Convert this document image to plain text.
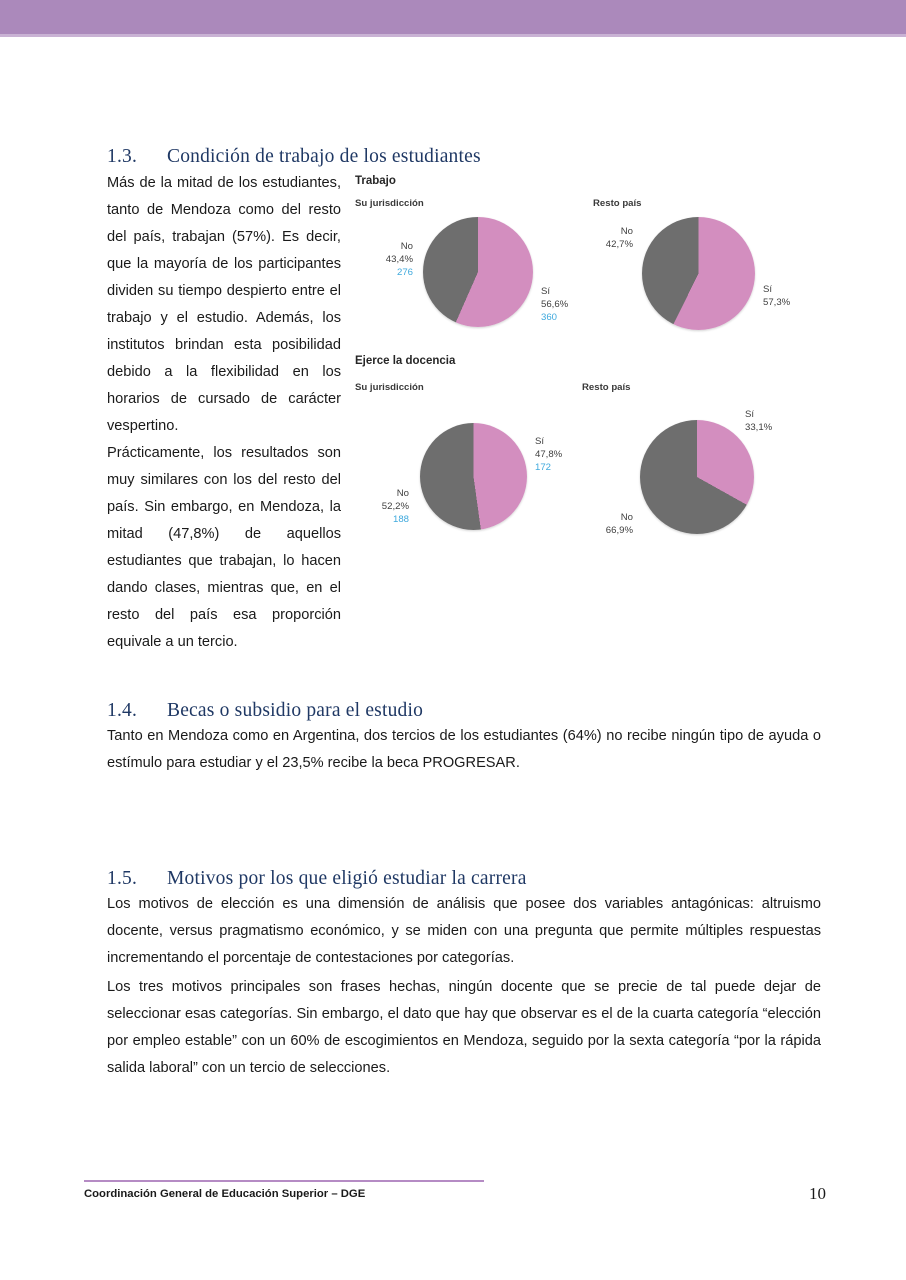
1.3. Condición de trabajo de los estudiantes
Más de la mitad de los estudiantes, tanto de Mendoza como del resto del país, trabajan (57%). Es decir, que la mayoría de los participantes dividen su tiempo despierto entre el trabajo y el estudio. Además, los institutos brindan esta posibilidad debido a la flexibilidad en los horarios de cursado de carácter vespertino.
Prácticamente, los resultados son muy similares con los del resto del país. Sin embargo, en Mendoza, la mitad (47,8%) de aquellos estudiantes que trabajan, lo hacen dando clases, mientras que, en el resto del país esa proporción equivale a un tercio.
Trabajo
Su jurisdicción	Resto país
No
43,4%
276
Sí
56,6%
360
No
42,7%
Sí
57,3%
Ejerce la docencia
Su jurisdicción	Resto país
Sí
47,8%
172
No
52,2%
188
Sí
33,1%
No
66,9%
1.4. Becas o subsidio para el estudio
Tanto en Mendoza como en Argentina, dos tercios de los estudiantes (64%) no recibe ningún tipo de ayuda o estímulo para estudiar y el 23,5% recibe la beca PROGRESAR.
1.5. Motivos por los que eligió estudiar la carrera
Los motivos de elección es una dimensión de análisis que posee dos variables antagónicas: altruismo docente, versus pragmatismo económico, y se miden con una pregunta que permite múltiples respuestas incrementando el porcentaje de contestaciones por categorías.
Los tres motivos principales son frases hechas, ningún docente que se precie de tal puede dejar de seleccionar esas categorías. Sin embargo, el dato que hay que observar es el de la cuarta categoría “elección por empleo estable” con un 60% de escogimientos en Mendoza, seguido por la sexta categoría “por la rápida salida laboral” con un tercio de selecciones.
Coordinación General de Educación Superior – DGE	10
